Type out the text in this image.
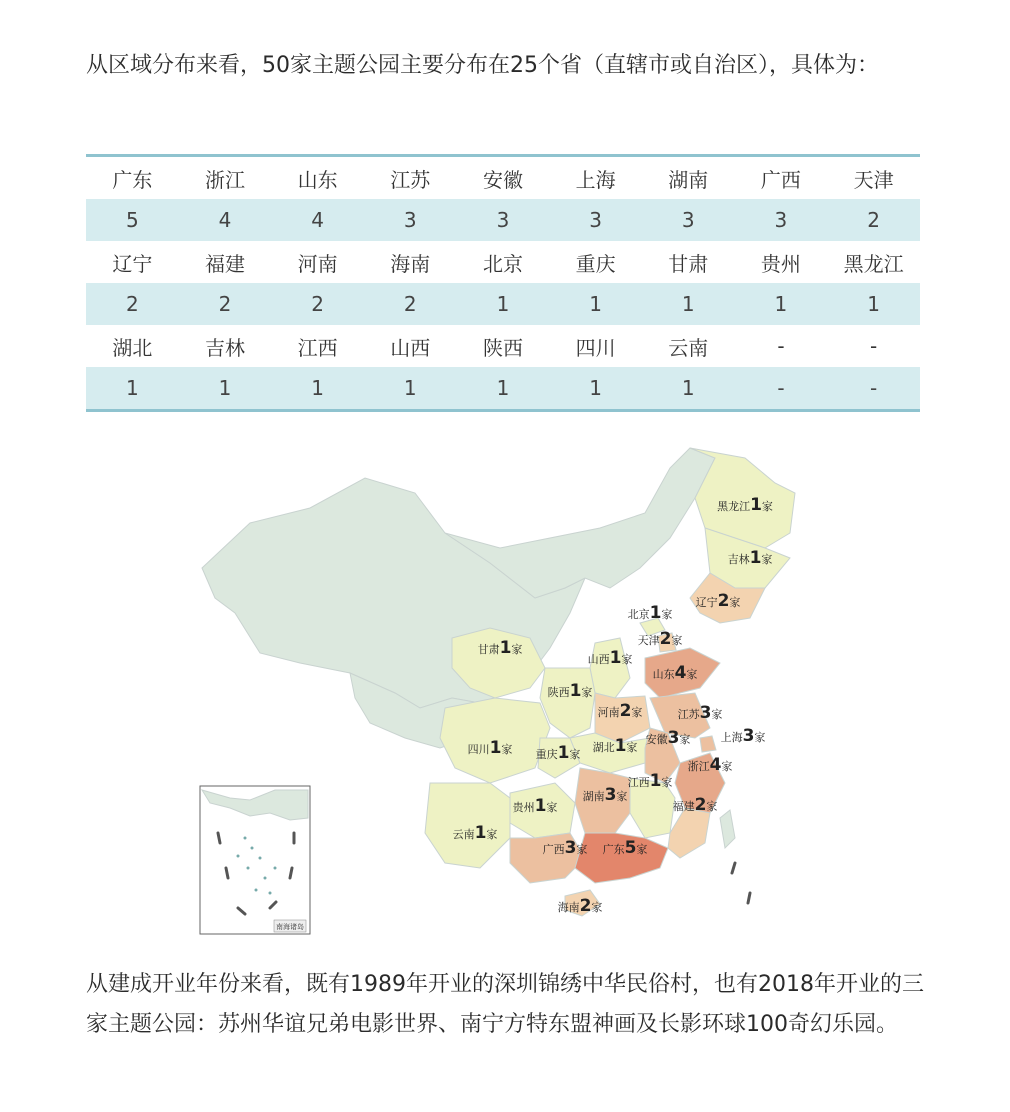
从区域分布来看，50家主题公园主要分布在25个省（直辖市或自治区），具体为：
广东	浙江	山东	江苏	安徽	上海	湖南	广西	天津
5	4	4	3	3	3	3	3	2
辽宁	福建	河南	海南	北京	重庆	甘肃	贵州	黑龙江
2	2	2	2	1	1	1	1	1
湖北	吉林	江西	山西	陕西	四川	云南	-	-
1	1	1	1	1	1	1	-	-
南海诸岛
黑龙江1家
吉林1家
辽宁2家
北京1家
天津2家
甘肃1家
山西1家
山东4家
陕西1家
河南2家	江苏3家
四川1家 重庆1家
湖北1家
安徽3家	上海3家
浙江4家
江西1家
湖南3家
贵州1家	福建2家
云南1家
广西3家 广东5家
海南2家
从建成开业年份来看，既有1989年开业的深圳锦绣中华民俗村，也有2018年开业的三家主题公园：苏州华谊兄弟电影世界、南宁方特东盟神画及长影环球100奇幻乐园。
